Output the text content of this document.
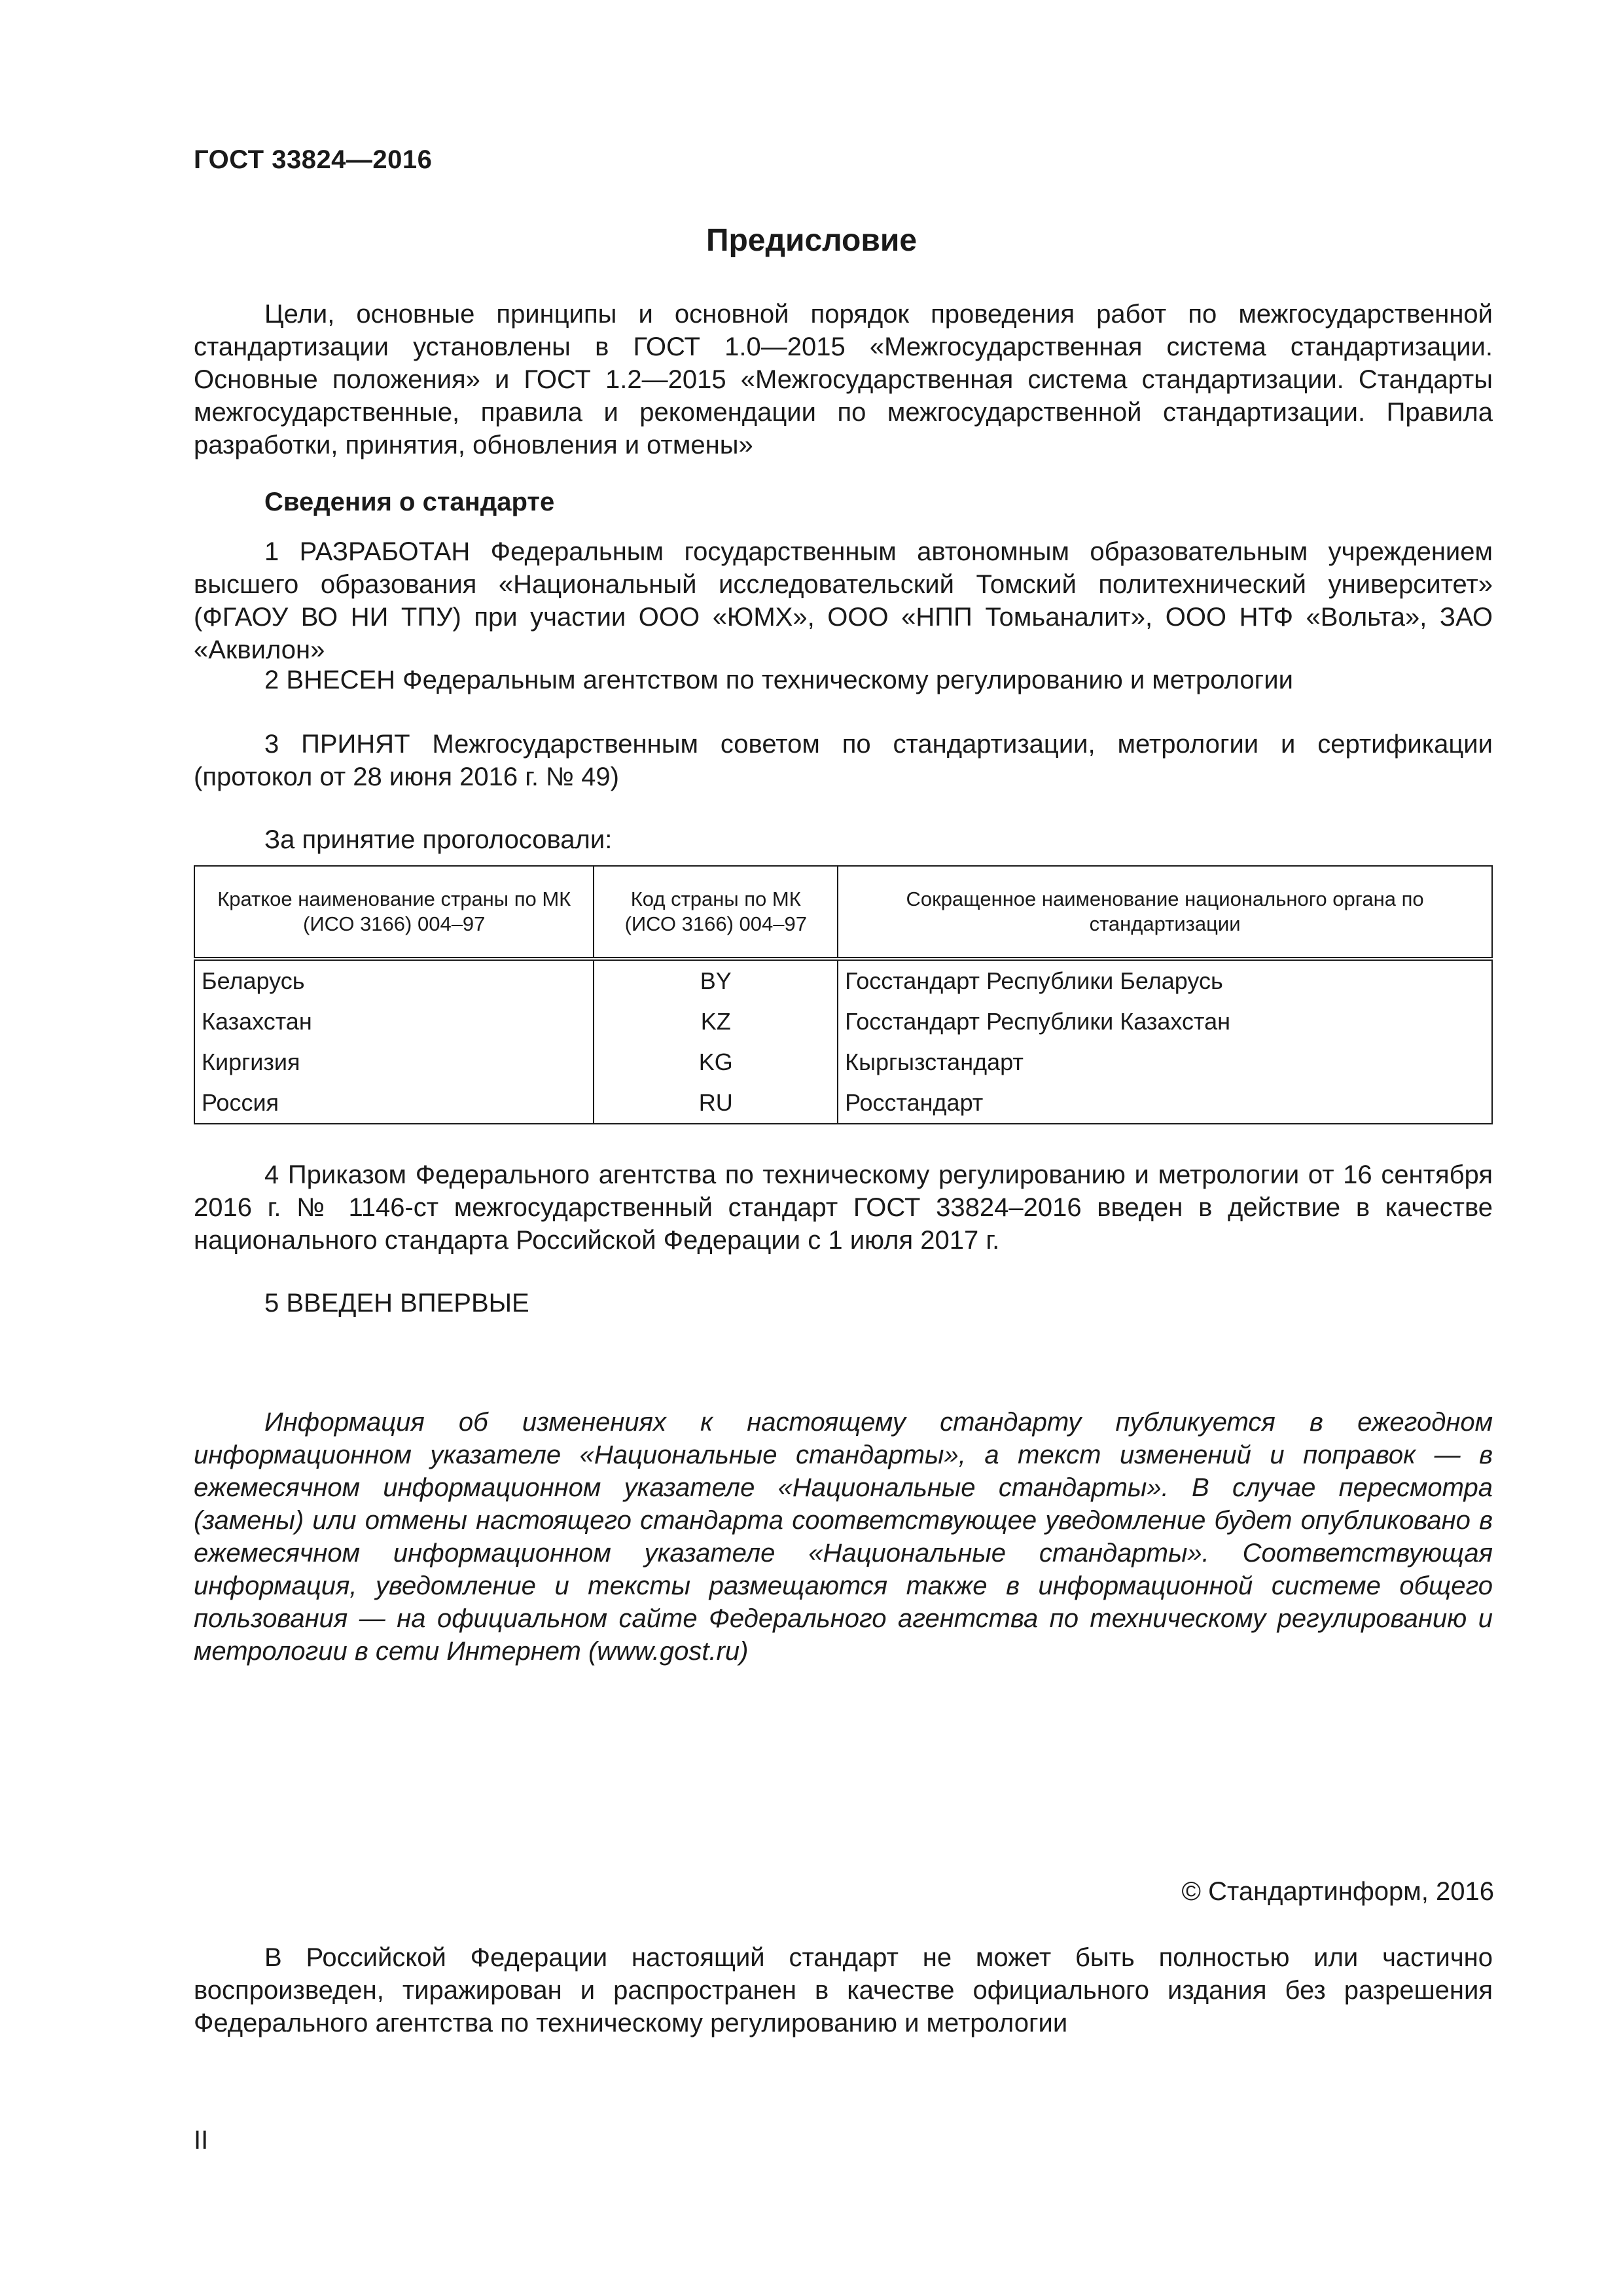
ГОСТ 33824—2016
Предисловие
Цели, основные принципы и основной порядок проведения работ по межгосударственной стандартизации установлены в ГОСТ 1.0—2015 «Межгосударственная система стандартизации. Основные положения» и ГОСТ 1.2—2015 «Межгосударственная система стандартизации. Стандарты межгосударственные, правила и рекомендации по межгосударственной стандартизации. Правила разработки, принятия, обновления и отмены»
Сведения о стандарте
1 РАЗРАБОТАН Федеральным государственным автономным образовательным учреждением высшего образования «Национальный исследовательский Томский политехнический университет» (ФГАОУ ВО НИ ТПУ) при участии ООО «ЮМХ», ООО «НПП Томьаналит», ООО НТФ «Вольта», ЗАО «Аквилон»
2 ВНЕСЕН Федеральным агентством по техническому регулированию и метрологии
3 ПРИНЯТ Межгосударственным советом по стандартизации, метрологии и сертификации (протокол от 28 июня 2016 г. № 49)
За принятие проголосовали:
Краткое наименование страны по МК (ИСО 3166) 004–97	Код страны по МК (ИСО 3166) 004–97	Сокращенное наименование национального органа по стандартизации
Беларусь	BY	Госстандарт Республики Беларусь
Казахстан	KZ	Госстандарт Республики Казахстан
Киргизия	KG	Кыргызстандарт
Россия	RU	Росстандарт
4 Приказом Федерального агентства по техническому регулированию и метрологии от 16 сентября 2016 г. № 1146-ст межгосударственный стандарт ГОСТ 33824–2016 введен в действие в качестве национального стандарта Российской Федерации с 1 июля 2017 г.
5 ВВЕДЕН ВПЕРВЫЕ
Информация об изменениях к настоящему стандарту публикуется в ежегодном информационном указателе «Национальные стандарты», а текст изменений и поправок — в ежемесячном информационном указателе «Национальные стандарты». В случае пересмотра (замены) или отмены настоящего стандарта соответствующее уведомление будет опубликовано в ежемесячном информационном указателе «Национальные стандарты». Соответствующая информация, уведомление и тексты размещаются также в информационной системе общего пользования — на официальном сайте Федерального агентства по техническому регулированию и метрологии в сети Интернет (www.gost.ru)
© Стандартинформ, 2016
В Российской Федерации настоящий стандарт не может быть полностью или частично воспроизведен, тиражирован и распространен в качестве официального издания без разрешения Федерального агентства по техническому регулированию и метрологии
II
